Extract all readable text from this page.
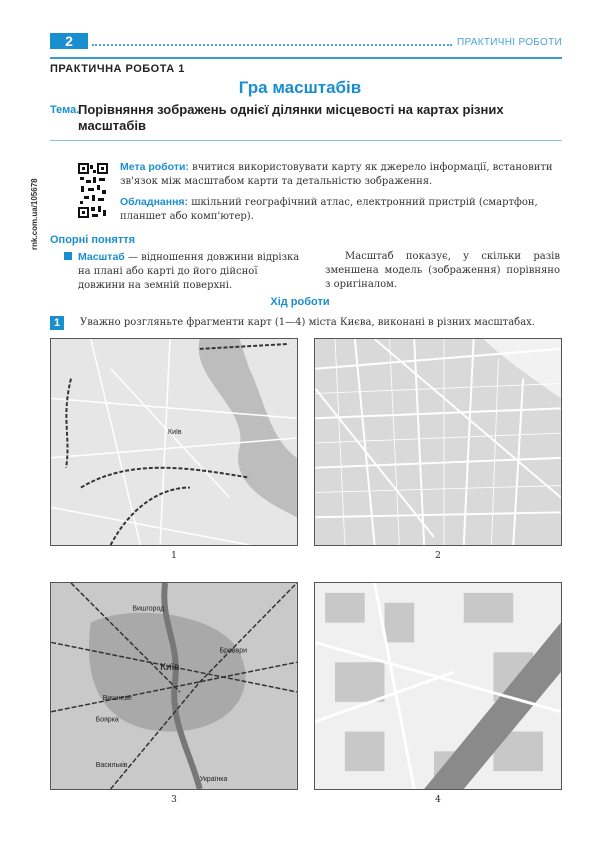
2	ПРАКТИЧНІ РОБОТИ
ПРАКТИЧНА РОБОТА 1
Гра масштабів
Тема.
Порівняння зображень однієї ділянки місцевості на картах різних масштабів
rnk.com.ua/105678
Мета роботи: вчитися використовувати карту як джерело інформації, встановити зв'язок між масштабом карти та детальністю зображення.
Обладнання: шкільний географічний атлас, електронний пристрій (смартфон, планшет або комп'ютер).
Опорні поняття
Масштаб — відношення довжини відрізка на плані або карті до його дійсної довжини на земній поверхні.
Масштаб показує, у скільки разів зменшена модель (зображення) порівняно з оригіналом.
Хід роботи
1	Уважно розгляньте фрагменти карт (1—4) міста Києва, виконані в різних масштабах.
Київ
1	2
Вишгород
Київ
Бровари
Вишневе
Боярка
Васильків
Українка
3	4
